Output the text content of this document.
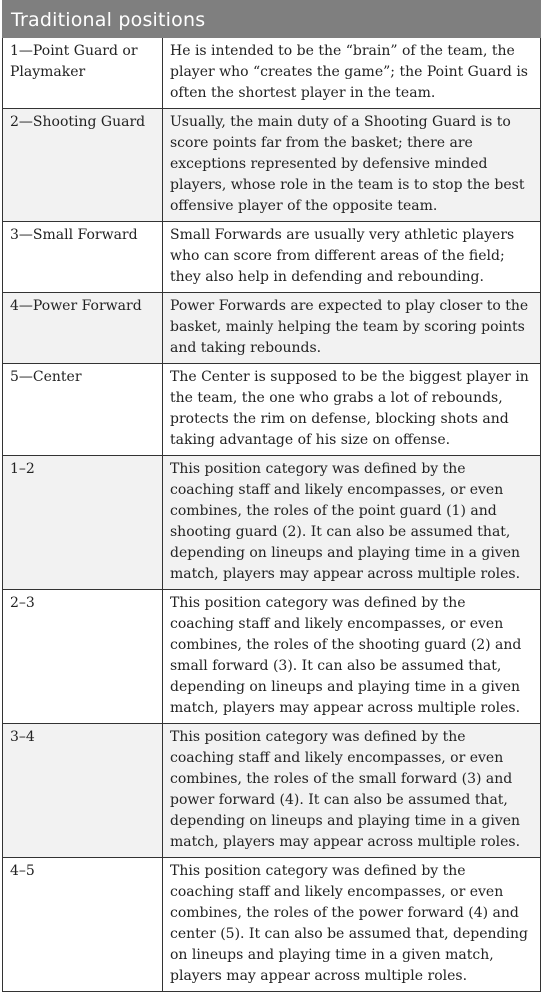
Traditional positions	
1—Point Guard or Playmaker	He is intended to be the “brain” of the team, the player who “creates the game”; the Point Guard is often the shortest player in the team.
2—Shooting Guard	Usually, the main duty of a Shooting Guard is to score points far from the basket; there are exceptions represented by defensive minded players, whose role in the team is to stop the best offensive player of the opposite team.
3—Small Forward	Small Forwards are usually very athletic players who can score from different areas of the field; they also help in defending and rebounding.
4—Power Forward	Power Forwards are expected to play closer to the basket, mainly helping the team by scoring points and taking rebounds.
5—Center	The Center is supposed to be the biggest player in the team, the one who grabs a lot of rebounds, protects the rim on defense, blocking shots and taking advantage of his size on offense.
1–2	This position category was defined by the coaching staff and likely encompasses, or even combines, the roles of the point guard (1) and shooting guard (2). It can also be assumed that, depending on lineups and playing time in a given match, players may appear across multiple roles.
2–3	This position category was defined by the coaching staff and likely encompasses, or even combines, the roles of the shooting guard (2) and small forward (3). It can also be assumed that, depending on lineups and playing time in a given match, players may appear across multiple roles.
3–4	This position category was defined by the coaching staff and likely encompasses, or even combines, the roles of the small forward (3) and power forward (4). It can also be assumed that, depending on lineups and playing time in a given match, players may appear across multiple roles.
4–5	This position category was defined by the coaching staff and likely encompasses, or even combines, the roles of the power forward (4) and center (5). It can also be assumed that, depending on lineups and playing time in a given match, players may appear across multiple roles.
